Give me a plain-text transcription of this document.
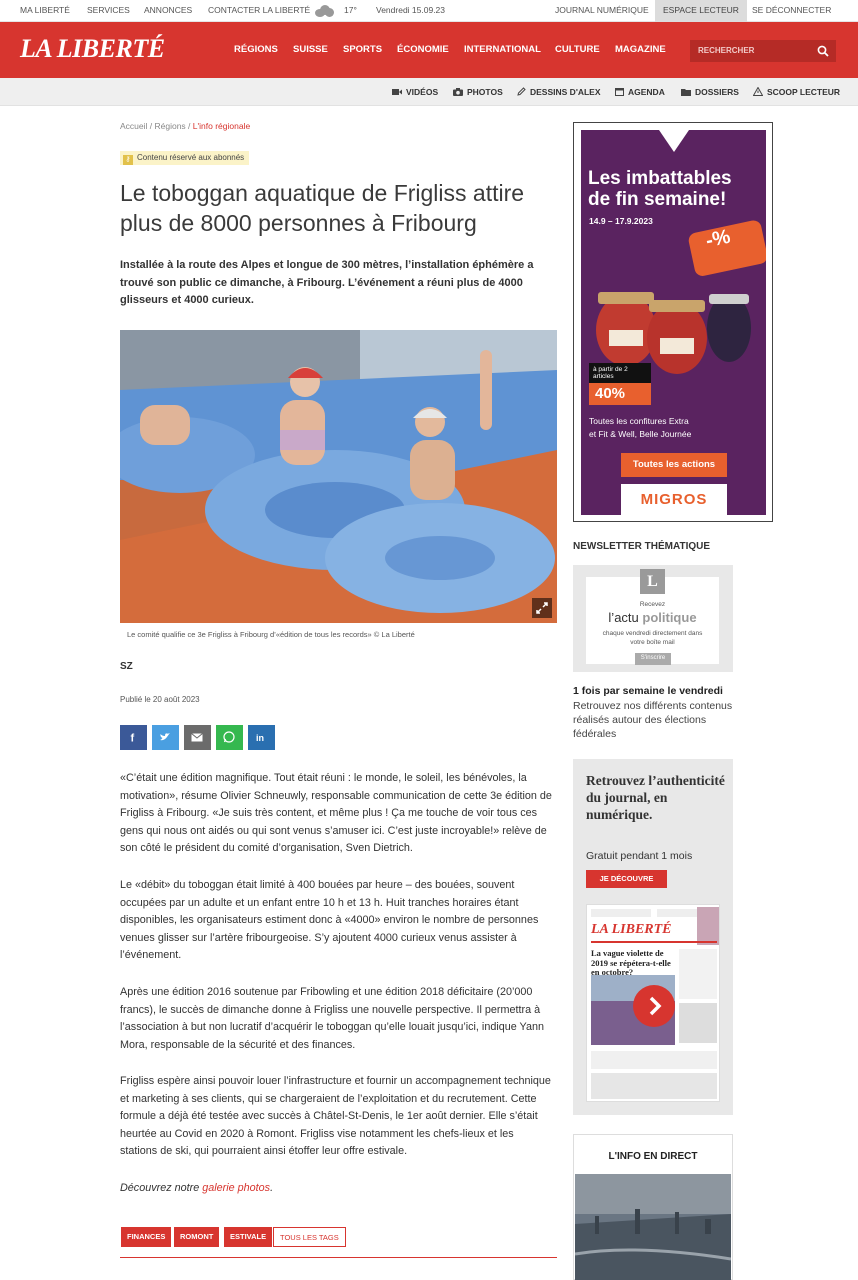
MA LIBERTÉ SERVICES ANNONCES CONTACTER LA LIBERTÉ	17° Vendredi 15.09.23	JOURNAL NUMÉRIQUE	ESPACE LECTEUR	SE DÉCONNECTER
LA LIBERTÉ	RÉGIONS SUISSE SPORTS ÉCONOMIE INTERNATIONAL CULTURE MAGAZINE	RECHERCHER
VIDÉOS	PHOTOS	DESSINS D'ALEX	AGENDA	DOSSIERS	SCOOP LECTEUR
Accueil / Régions / L'info régionale
⚷ Contenu réservé aux abonnés
Le toboggan aquatique de Frigliss attire plus de 8000 personnes à Fribourg

Installée à la route des Alpes et longue de 300 mètres, l’installation éphémère a trouvé son public ce dimanche, à Fribourg. L’événement a réuni plus de 4000 glisseurs et 4000 curieux.

Le comité qualifie ce 3e Frigliss à Fribourg d’«édition de tous les records» © La Liberté
SZ
Publié le 20 août 2023
f	in

«C’était une édition magnifique. Tout était réuni : le monde, le soleil, les bénévoles, la motivation», résume Olivier Schneuwly, responsable communication de cette 3e édition de Frigliss à Fribourg. «Je suis très content, et même plus ! Ça me touche de voir tous ces gens qui nous ont aidés ou qui sont venus s’amuser ici. C’est juste incroyable!» relève de son côté le président du comité d’organisation, Sven Dietrich.

Le «débit» du toboggan était limité à 400 bouées par heure – des bouées, souvent occupées par un adulte et un enfant entre 10 h et 13 h. Huit tranches horaires étant disponibles, les organisateurs estiment donc à «4000» environ le nombre de personnes venues glisser sur l’artère fribourgeoise. S’y ajoutent 4000 curieux venus assister à l’événement.

Après une édition 2016 soutenue par Fribowling et une édition 2018 déficitaire (20’000 francs), le succès de dimanche donne à Frigliss une nouvelle perspective. Il permettra à l’association à but non lucratif d’acquérir le toboggan qu’elle louait jusqu’ici, indique Yann Mora, responsable de la sécurité et des finances.

Frigliss espère ainsi pouvoir louer l’infrastructure et fournir un accompagnement technique et marketing à ses clients, qui se chargeraient de l’exploitation et du recrutement. Cette formule a déjà été testée avec succès à Châtel-St-Denis, le 1er août dernier. Elle s’était heurtée au Covid en 2020 à Romont. Frigliss vise notamment les chefs-lieux et les stations de ski, qui pourraient ainsi étoffer leur offre estivale.

Découvrez notre galerie photos.

FINANCES	ROMONT	ESTIVALE	TOUS LES TAGS
Les imbattables
de fin semaine!
14.9 – 17.9.2023
-%
à partir de 2 articles
40%
Toutes les confitures Extra
et Fit & Well, Belle Journée
Toutes les actions
MIGROS
NEWSLETTER THÉMATIQUE
L
Recevez
l’actu politique
chaque vendredi directement dans votre boîte mail
S'inscrire
1 fois par semaine le vendredi
Retrouvez nos différents contenus réalisés autour des élections fédérales
Retrouvez l’authenticité du journal, en numérique.
Gratuit pendant 1 mois
JE DÉCOUVRE
LA LIBERTÉ
La vague violette de 2019 se répétera-t-elle en octobre?
L'INFO EN DIRECT
